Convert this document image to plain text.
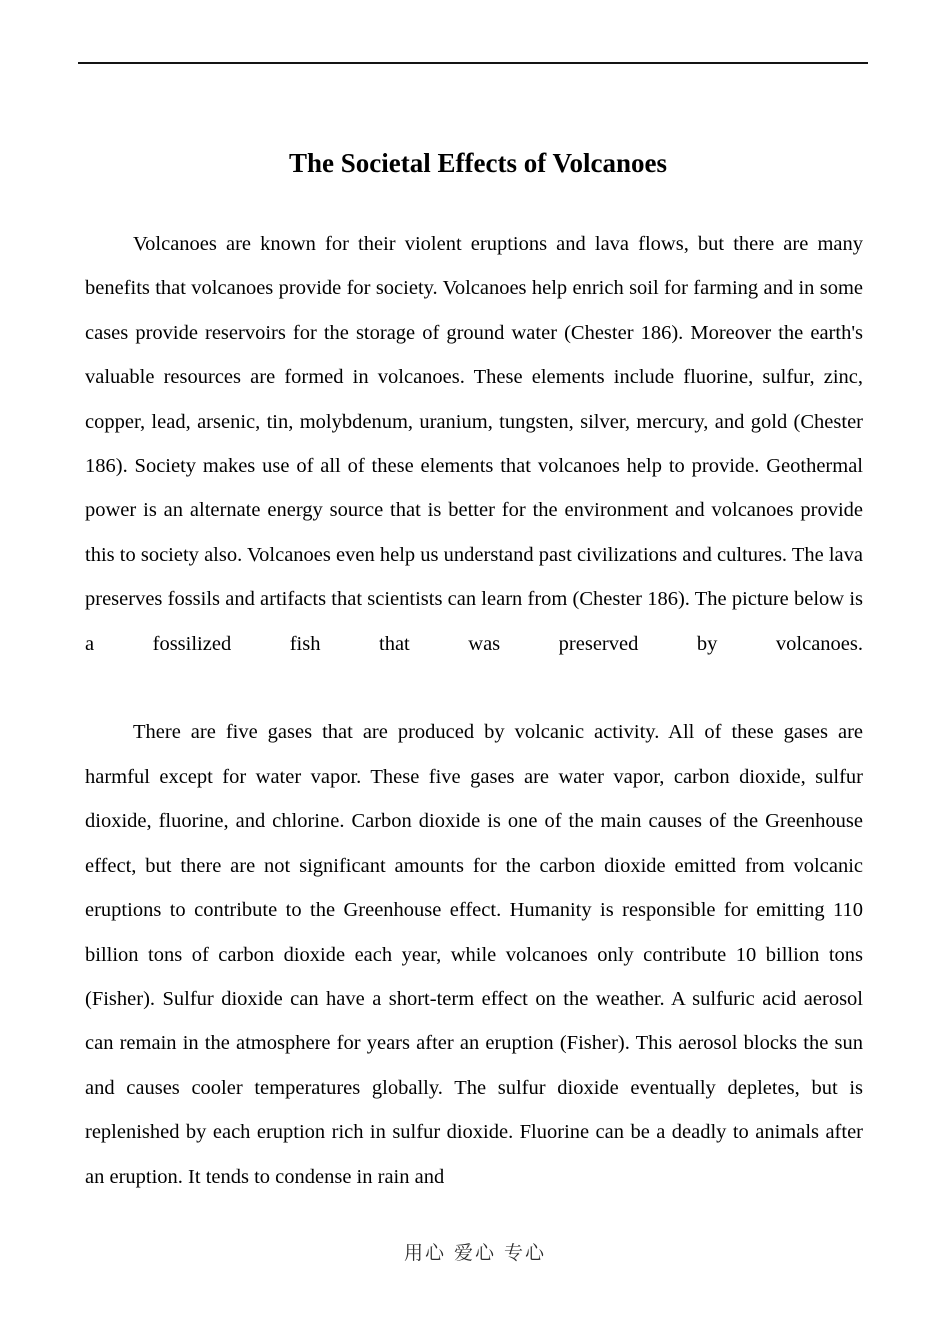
The Societal Effects of Volcanoes

Volcanoes are known for their violent eruptions and lava flows, but there are many benefits that volcanoes provide for society. Volcanoes help enrich soil for farming and in some cases provide reservoirs for the storage of ground water (Chester 186). Moreover the earth's valuable resources are formed in volcanoes. These elements include fluorine, sulfur, zinc, copper, lead, arsenic, tin, molybdenum, uranium, tungsten, silver, mercury, and gold (Chester 186). Society makes use of all of these elements that volcanoes help to provide. Geothermal power is an alternate energy source that is better for the environment and volcanoes provide this to society also. Volcanoes even help us understand past civilizations and cultures. The lava preserves fossils and artifacts that scientists can learn from (Chester 186). The picture below is a fossilized fish that was preserved by volcanoes.

There are five gases that are produced by volcanic activity. All of these gases are harmful except for water vapor. These five gases are water vapor, carbon dioxide, sulfur dioxide, fluorine, and chlorine. Carbon dioxide is one of the main causes of the Greenhouse effect, but there are not significant amounts for the carbon dioxide emitted from volcanic eruptions to contribute to the Greenhouse effect. Humanity is responsible for emitting 110 billion tons of carbon dioxide each year, while volcanoes only contribute 10 billion tons (Fisher). Sulfur dioxide can have a short-term effect on the weather. A sulfuric acid aerosol can remain in the atmosphere for years after an eruption (Fisher). This aerosol blocks the sun and causes cooler temperatures globally. The sulfur dioxide eventually depletes, but is replenished by each eruption rich in sulfur dioxide. Fluorine can be a deadly to animals after an eruption. It tends to condense in rain and

用心 爱心 专心
